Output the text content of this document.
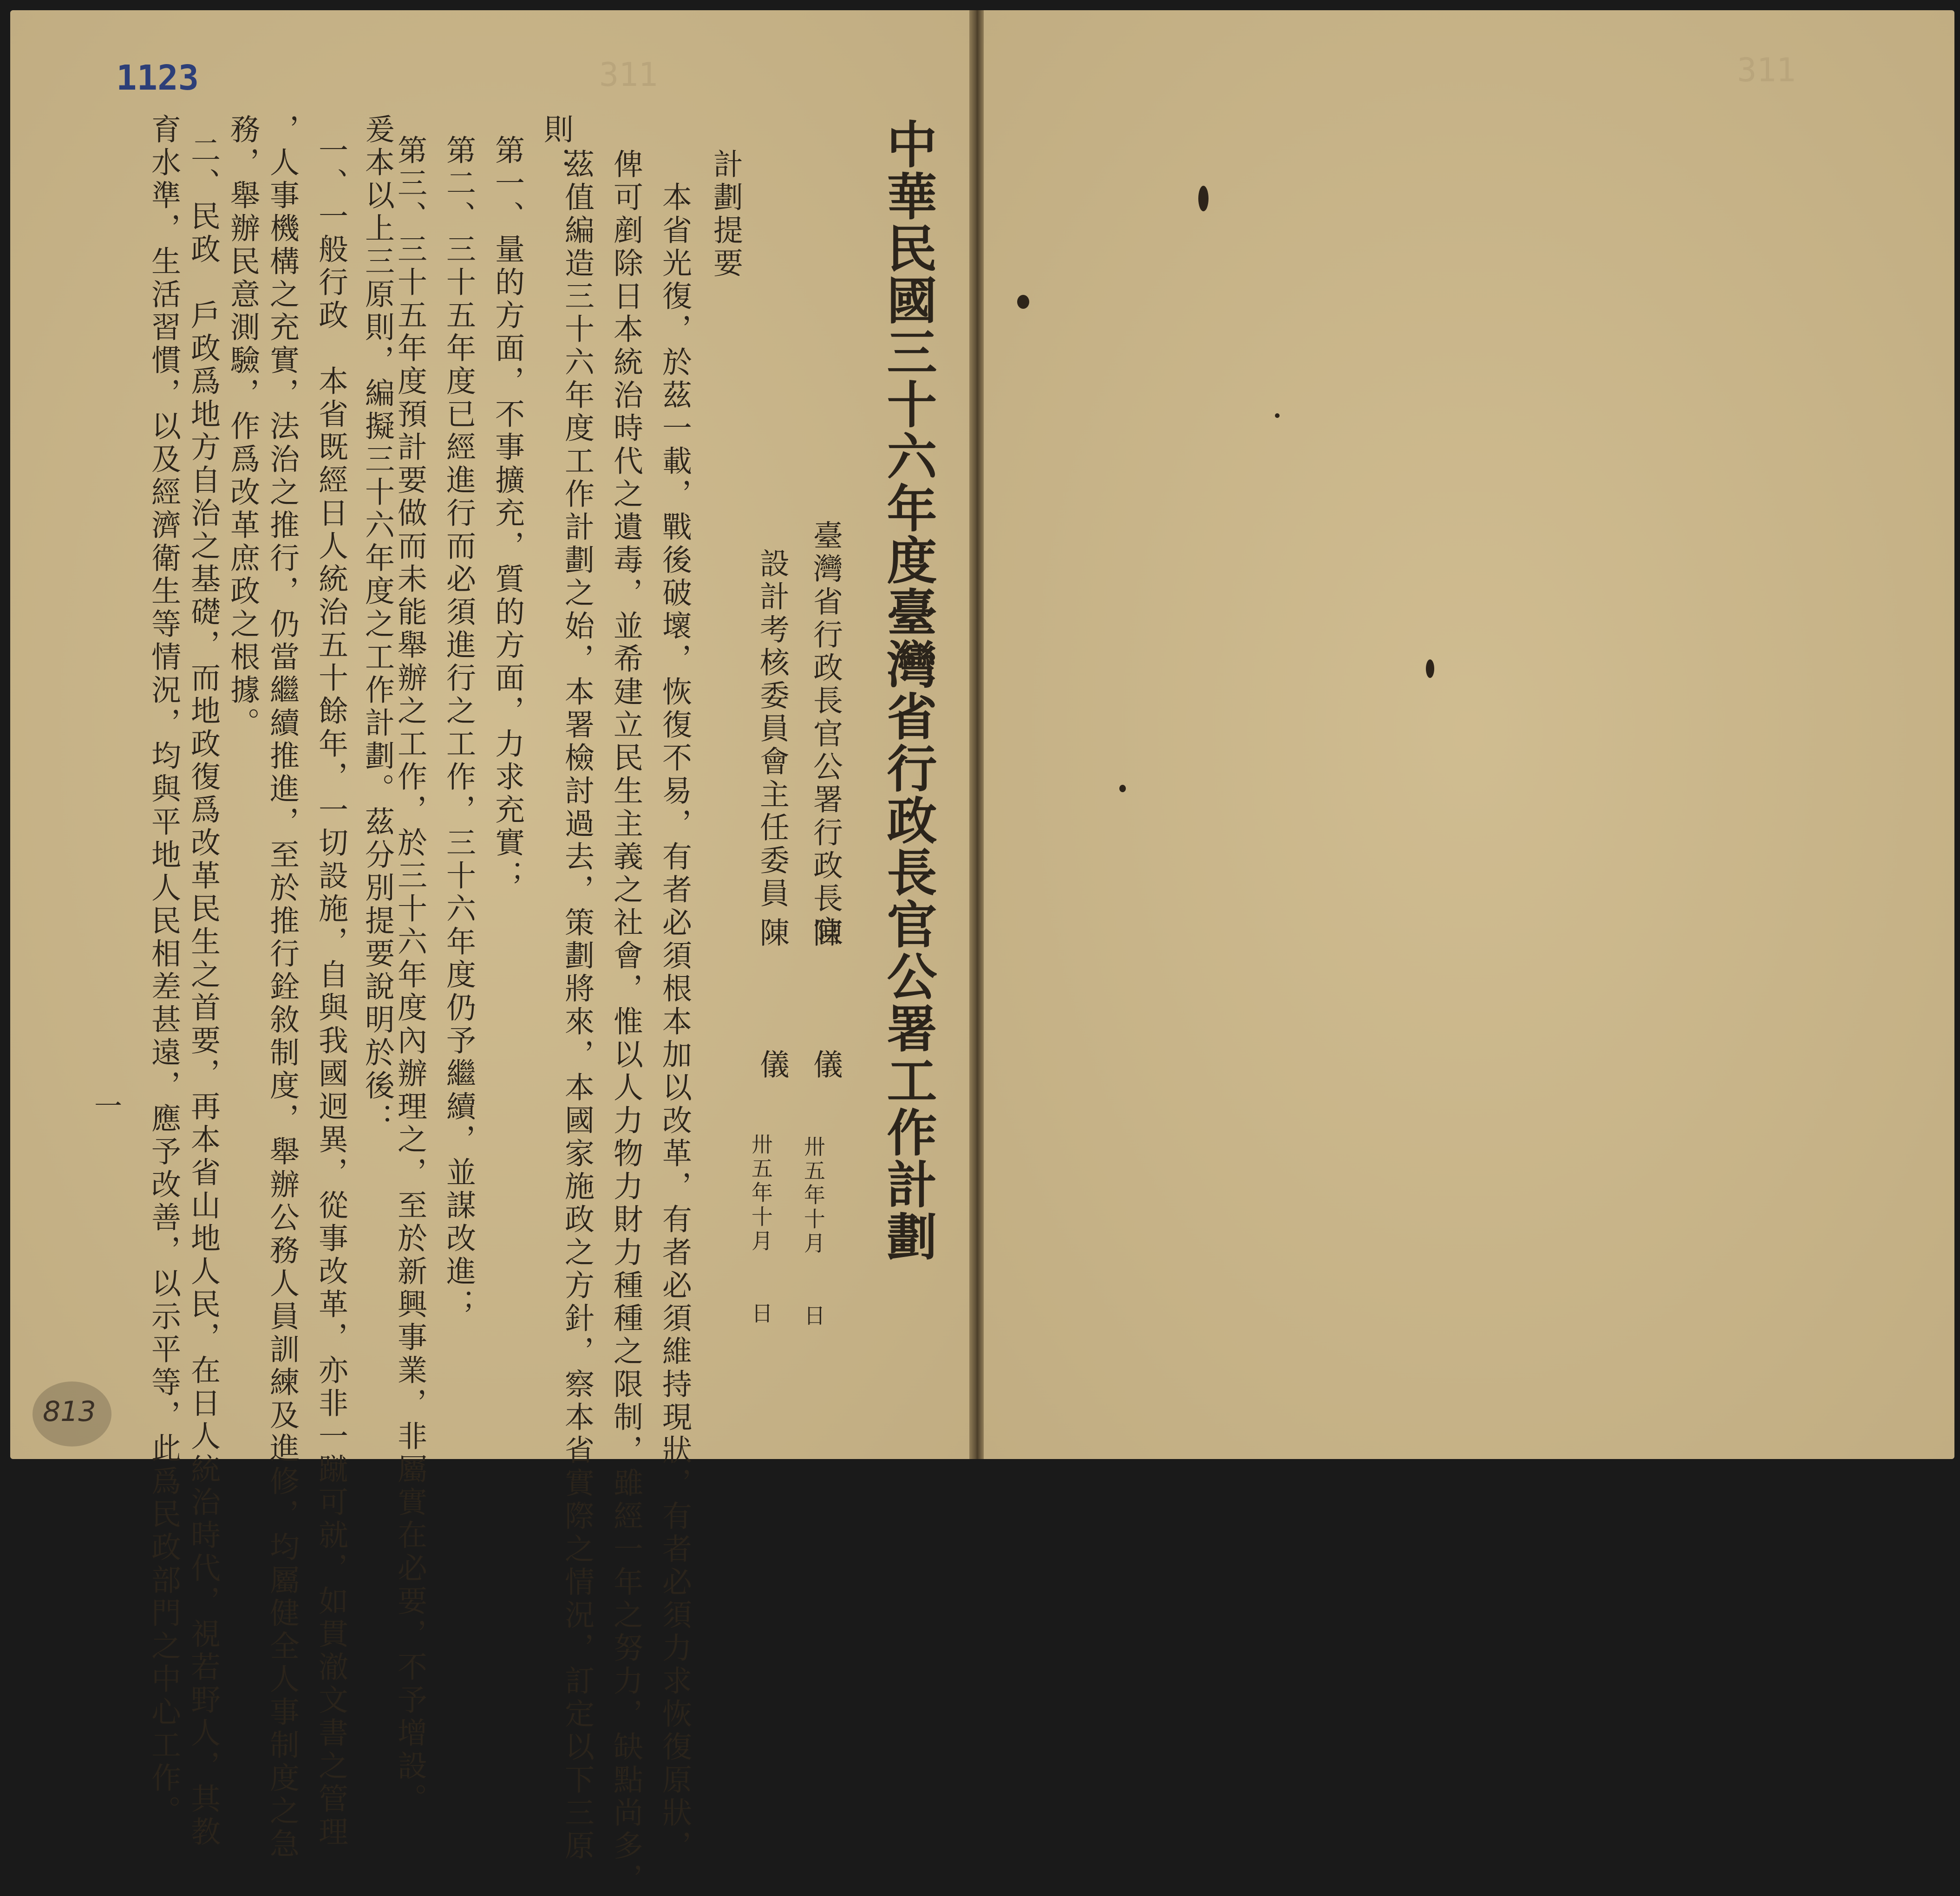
1123	311	311
中華民國三十六年度臺灣省行政長官公署工作計劃
臺灣省行政長官公署行政長官
陳　　　儀
卅五年十月　　日
設計考核委員會主任委員
陳　　　儀
卅五年十月　　日
計劃提要
　本省光復，於茲一載，戰後破壞，恢復不易，有者必須根本加以改革，有者必須維持現狀，有者必須力求恢復原狀，
俾可剷除日本統治時代之遺毒，並希建立民生主義之社會，惟以人力物力財力種種之限制，雖經一年之努力，缺點尚多，
茲值編造三十六年度工作計劃之始，本署檢討過去，策劃將來，本國家施政之方針，察本省實際之情況，訂定以下三原
則：
第一、量的方面，不事擴充，質的方面，力求充實；
第二、三十五年度已經進行而必須進行之工作，三十六年度仍予繼續，並謀改進；
第三、三十五年度預計要做而未能舉辦之工作，於三十六年度內辦理之，至於新興事業，非屬實在必要，不予增設。
爰本以上三原則，編擬三十六年度之工作計劃。茲分別提要說明於後：
一、一般行政　本省既經日人統治五十餘年，一切設施，自與我國迥異，從事改革，亦非一蹴可就，如貫澈文書之管理
，人事機構之充實，法治之推行，仍當繼續推進，至於推行銓敘制度，舉辦公務人員訓練及進修，均屬健全人事制度之急
務，舉辦民意測驗，作爲改革庶政之根據。
二、民政　戶政爲地方自治之基礎，而地政復爲改革民生之首要，再本省山地人民，在日人統治時代，視若野人，其教
育水準，生活習慣，以及經濟衛生等情況，均與平地人民相差甚遠，應予改善，以示平等，此爲民政部門之中心工作。
一
813
